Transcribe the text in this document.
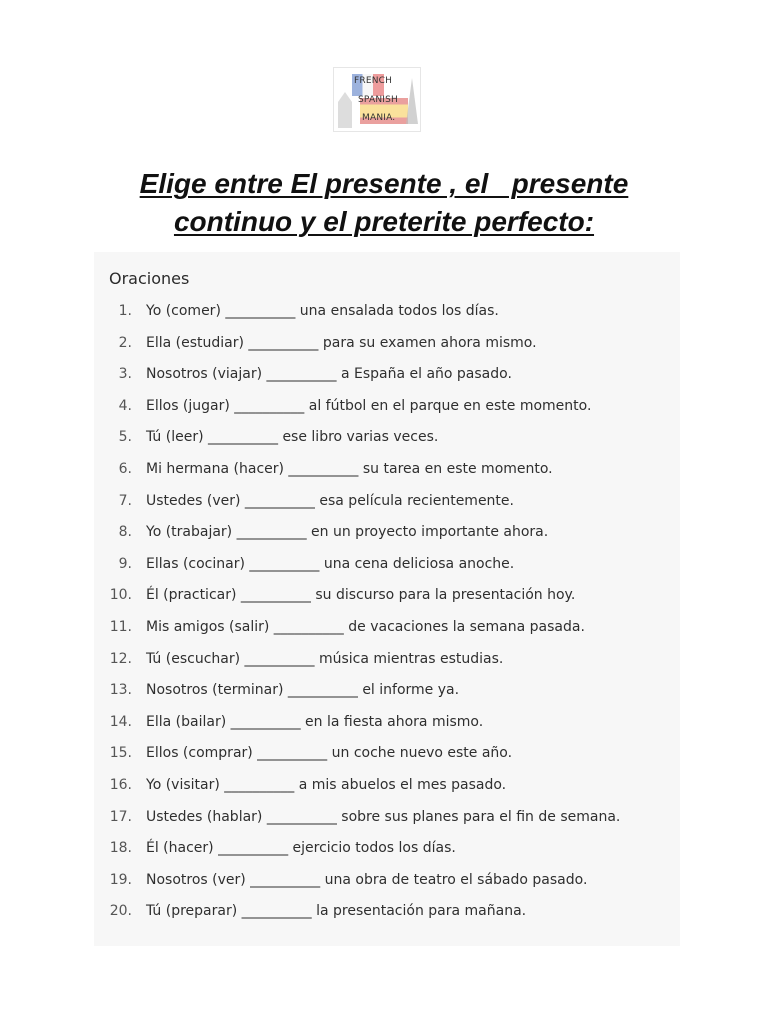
FRENCH
SPANISH
MANIA.
Elige entre El presente , el   presente
continuo y el preterite perfecto:
Oraciones
1. Yo (comer) __________ una ensalada todos los días.
2. Ella (estudiar) __________ para su examen ahora mismo.
3. Nosotros (viajar) __________ a España el año pasado.
4. Ellos (jugar) __________ al fútbol en el parque en este momento.
5. Tú (leer) __________ ese libro varias veces.
6. Mi hermana (hacer) __________ su tarea en este momento.
7. Ustedes (ver) __________ esa película recientemente.
8. Yo (trabajar) __________ en un proyecto importante ahora.
9. Ellas (cocinar) __________ una cena deliciosa anoche.
10. Él (practicar) __________ su discurso para la presentación hoy.
11. Mis amigos (salir) __________ de vacaciones la semana pasada.
12. Tú (escuchar) __________ música mientras estudias.
13. Nosotros (terminar) __________ el informe ya.
14. Ella (bailar) __________ en la fiesta ahora mismo.
15. Ellos (comprar) __________ un coche nuevo este año.
16. Yo (visitar) __________ a mis abuelos el mes pasado.
17. Ustedes (hablar) __________ sobre sus planes para el fin de semana.
18. Él (hacer) __________ ejercicio todos los días.
19. Nosotros (ver) __________ una obra de teatro el sábado pasado.
20. Tú (preparar) __________ la presentación para mañana.
